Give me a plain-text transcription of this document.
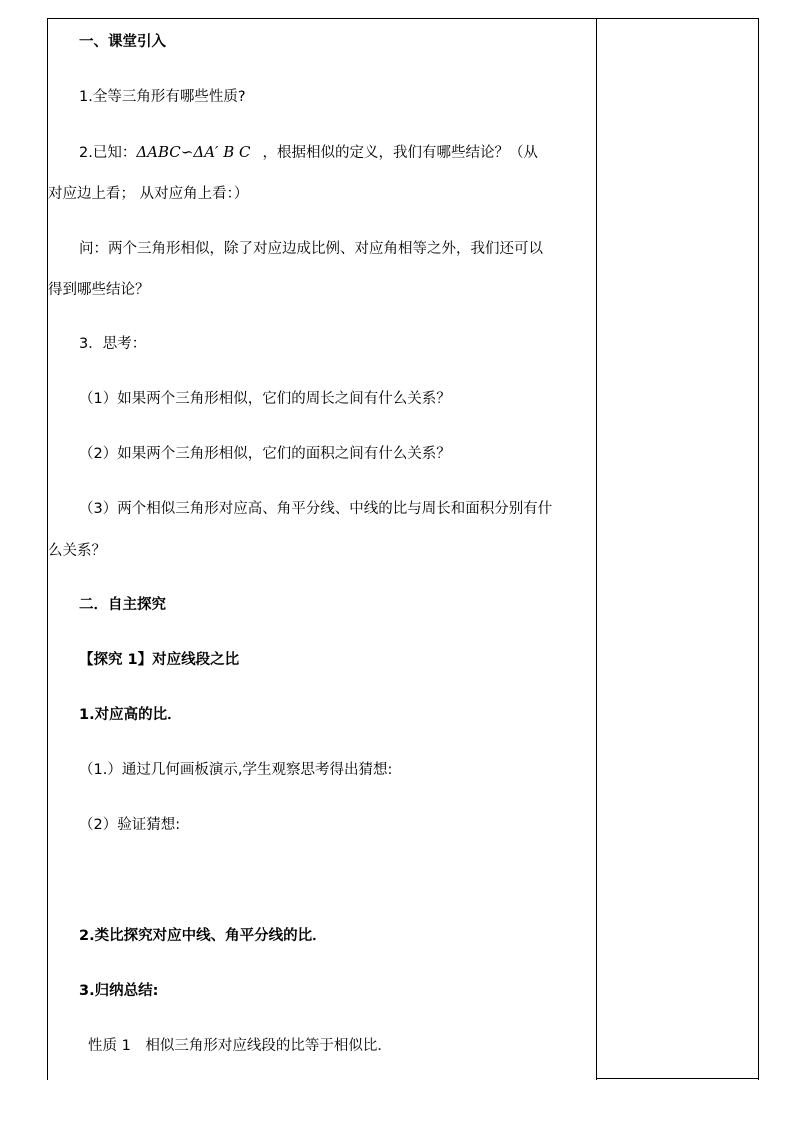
一、课堂引入
1.全等三角形有哪些性质?
2.已知：ΔABC∽ΔA′ B C ，根据相似的定义，我们有哪些结论？（从
对应边上看； 从对应角上看：）
问：两个三角形相似，除了对应边成比例、对应角相等之外，我们还可以
得到哪些结论？
3．思考：
（1）如果两个三角形相似，它们的周长之间有什么关系？
（2）如果两个三角形相似，它们的面积之间有什么关系？
（3）两个相似三角形对应高、角平分线、中线的比与周长和面积分别有什
么关系？
二．自主探究
【探究 1】对应线段之比
1.对应高的比．
（1.）通过几何画板演示,学生观察思考得出猜想:
（2）验证猜想:
2.类比探究对应中线、角平分线的比．
3.归纳总结:
性质 1　相似三角形对应线段的比等于相似比．
